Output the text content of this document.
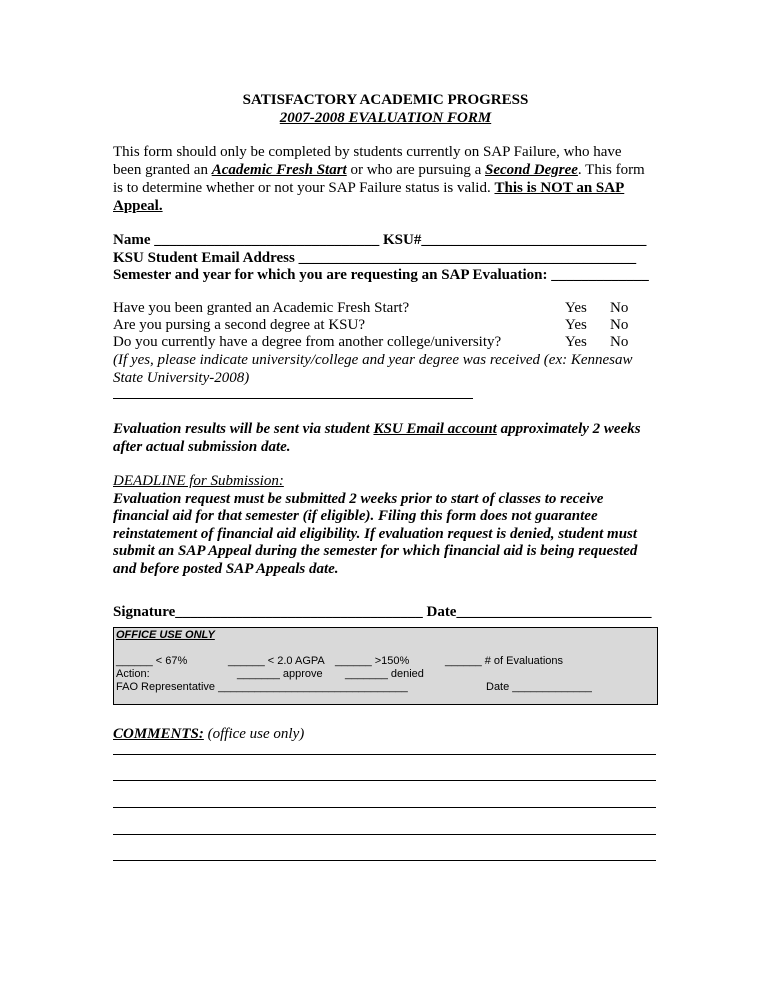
SATISFACTORY ACADEMIC PROGRESS
2007-2008 EVALUATION FORM
This form should only be completed by students currently on SAP Failure, who have
been granted an Academic Fresh Start or who are pursuing a Second Degree. This form
is to determine whether or not your SAP Failure status is valid. This is NOT an SAP
Appeal.
Name ______________________________ KSU#______________________________
KSU Student Email Address _____________________________________________
Semester and year for which you are requesting an SAP Evaluation: _____________
Have you been granted an Academic Fresh Start?	Yes No
Are you pursing a second degree at KSU?	Yes No
Do you currently have a degree from another college/university?	Yes No
(If yes, please indicate university/college and year degree was received (ex: Kennesaw
State University-2008)
Evaluation results will be sent via student KSU Email account approximately 2 weeks
after actual submission date.
DEADLINE for Submission:
Evaluation request must be submitted 2 weeks prior to start of classes to receive
financial aid for that semester (if eligible). Filing this form does not guarantee
reinstatement of financial aid eligibility. If evaluation request is denied, student must
submit an SAP Appeal during the semester for which financial aid is being requested
and before posted SAP Appeals date.
Signature_________________________________ Date__________________________
OFFICE USE ONLY
______ < 67%	______ < 2.0 AGPA ______ >150%	______ # of Evaluations
Action:	_______ approve _______ denied
FAO Representative _______________________________	Date _____________
COMMENTS: (office use only)
